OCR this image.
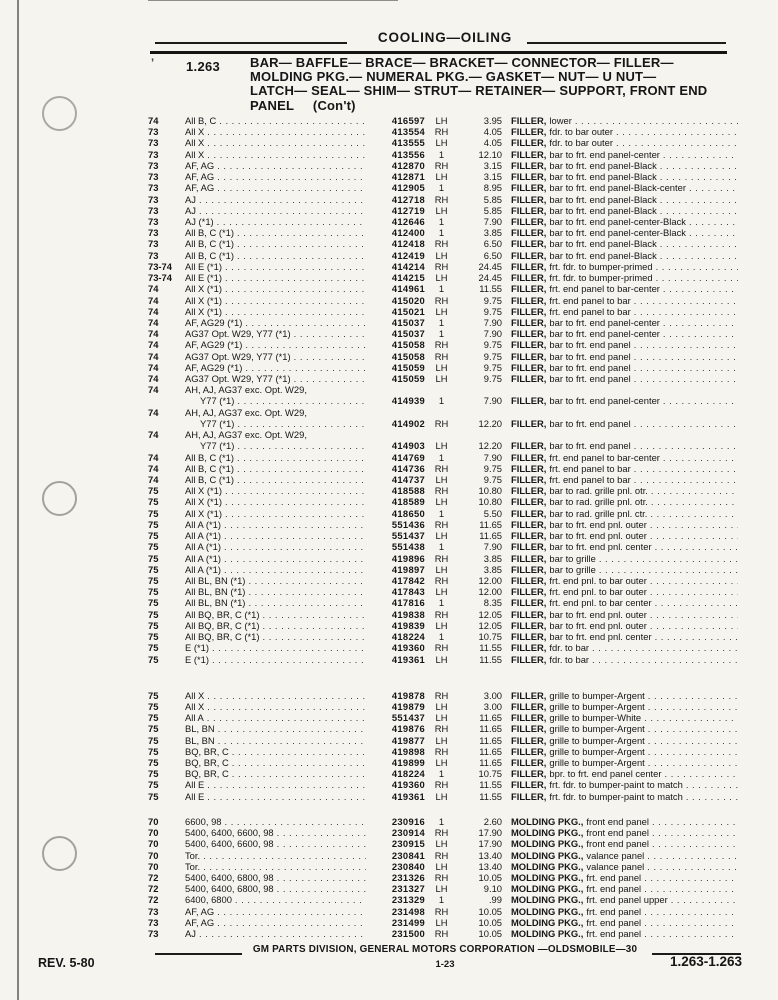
’
COOLING—OILING
1.263 BAR— BAFFLE— BRACE— BRACKET— CONNECTOR— FILLER—
MOLDING PKG.— NUMERAL PKG.— GASKET— NUT— U NUT—
LATCH— SEAL— SHIM— STRUT— RETAINER— SUPPORT, FRONT END
PANEL     (Con't)
74	All B, C . . .	416597	LH	3.95 FILLER, lower
. . .
73	All X . . .	413554	RH	4.05 FILLER, fdr. to bar outer
. . .
73	All X . . .	413555	LH	4.05 FILLER, fdr. to bar outer
. . .
73	All X . . .	413556	1	12.10 FILLER, bar to frt. end panel-center
. . .
73	AF, AG . . .	412870	RH	3.15 FILLER, bar to frt. end panel-Black
. . .
73	AF, AG . . .	412871	LH	3.15 FILLER, bar to frt. end panel-Black
. . .
73	AF, AG . . .	412905	1	8.95 FILLER, bar to frt. end panel-Black-center
. . .
73	AJ . . .	412718	RH	5.85 FILLER, bar to frt. end panel-Black
. . .
73	AJ . . .	412719	LH	5.85 FILLER, bar to frt. end panel-Black
. . .
73	AJ (*1) . . .	412646	1	7.90 FILLER, bar to frt. end panel-center-Black
. . .
73	All B, C (*1) . . .	412400	1	3.85 FILLER, bar to frt. end panel-center-Black
. . .
73	All B, C (*1) . . .	412418	RH	6.50 FILLER, bar to frt. end panel-Black
. . .
73	All B, C (*1) . . .	412419	LH	6.50 FILLER, bar to frt. end panel-Black
. . .
73-74	All E (*1) . . .	414214	RH	24.45 FILLER, frt. fdr. to bumper-primed
. . .
73-74	All E (*1) . . .	414215	LH	24.45 FILLER, frt. fdr. to bumper-primed
. . .
74	All X (*1) . . .	414961	1	11.55 FILLER, frt. end panel to bar-center
. . .
74	All X (*1) . . .	415020	RH	9.75 FILLER, frt. end panel to bar
. . .
74	All X (*1) . . .	415021	LH	9.75 FILLER, frt. end panel to bar
. . .
74	AF, AG29 (*1) . . .	415037	1	7.90 FILLER, bar to frt. end panel-center
. . .
74	AG37 Opt. W29, Y77 (*1) . . .	415037	1	7.90 FILLER, bar to frt. end panel-center
. . .
74	AF, AG29 (*1) . . .	415058	RH	9.75 FILLER, bar to frt. end panel
. . .
74	AG37 Opt. W29, Y77 (*1) . . .	415058	RH	9.75 FILLER, bar to frt. end panel
. . .
74	AF, AG29 (*1) . . .	415059	LH	9.75 FILLER, bar to frt. end panel
. . .
74	AG37 Opt. W29, Y77 (*1) . . .	415059	LH	9.75 FILLER, bar to frt. end panel
. . .
74	AH, AJ, AG37 exc. Opt. W29,
Y77 (*1) . . .	414939	1	7.90 FILLER, bar to frt. end panel-center
. . .
74	AH, AJ, AG37 exc. Opt. W29,
Y77 (*1) . . .	414902	RH	12.20 FILLER, bar to frt. end panel
. . .
74	AH, AJ, AG37 exc. Opt. W29,
Y77 (*1) . . .	414903	LH	12.20 FILLER, bar to frt. end panel
. . .
74	All B, C (*1) . . .	414769	1	7.90 FILLER, frt. end panel to bar-center
. . .
74	All B, C (*1) . . .	414736	RH	9.75 FILLER, frt. end panel to bar
. . .
74	All B, C (*1) . . .	414737	LH	9.75 FILLER, frt. end panel to bar
. . .
75	All X (*1) . . .	418588	RH	10.80 FILLER, bar to rad. grille pnl. otr.
. . .
75	All X (*1) . . .	418589	LH	10.80 FILLER, bar to rad. grille pnl. otr.
. . .
75	All X (*1) . . .	418650	1	5.50 FILLER, bar to rad. grille pnl. ctr.
. . .
75	All A (*1) . . .	551436	RH	11.65 FILLER, bar to frt. end pnl. outer
. . .
75	All A (*1) . . .	551437	LH	11.65 FILLER, bar to frt. end pnl. outer
. . .
75	All A (*1) . . .	551438	1	7.90 FILLER, bar to frt. end pnl. center
. . .
75	All A (*1) . . .	419896	RH	3.85 FILLER, bar to grille
. . .
75	All A (*1) . . .	419897	LH	3.85 FILLER, bar to grille
. . .
75	All BL, BN (*1) . . .	417842	RH	12.00 FILLER, frt. end pnl. to bar outer
. . .
75	All BL, BN (*1) . . .	417843	LH	12.00 FILLER, frt. end pnl. to bar outer
. . .
75	All BL, BN (*1) . . .	417816	1	8.35 FILLER, frt. end pnl. to bar center
. . .
75	All BQ, BR, C (*1) . . .	419838	RH	12.05 FILLER, bar to frt. end pnl. outer
. . .
75	All BQ, BR, C (*1) . . .	419839	LH	12.05 FILLER, bar to frt. end pnl. outer
. . .
75	All BQ, BR, C (*1) . . .	418224	1	10.75 FILLER, bar to frt. end pnl. center
. . .
75	E (*1) . . .	419360	RH	11.55 FILLER, fdr. to bar
. . .
75	E (*1) . . .	419361	LH	11.55 FILLER, fdr. to bar
. . .
75	All X . . .	419878	RH	3.00 FILLER, grille to bumper-Argent
. . .
75	All X . . .	419879	LH	3.00 FILLER, grille to bumper-Argent
. . .
75	All A . . .	551437	LH	11.65 FILLER, grille to bumper-White
. . .
75	BL, BN . . .	419876	RH	11.65 FILLER, grille to bumper-Argent
. . .
75	BL, BN . . .	419877	LH	11.65 FILLER, grille to bumper-Argent
. . .
75	BQ, BR, C . . .	419898	RH	11.65 FILLER, grille to bumper-Argent
. . .
75	BQ, BR, C . . .	419899	LH	11.65 FILLER, grille to bumper-Argent
. . .
75	BQ, BR, C . . .	418224	1	10.75 FILLER, bpr. to frt. end panel center
. . .
75	All E . . .	419360	RH	11.55 FILLER, frt. fdr. to bumper-paint to match
. . .
75	All E . . .	419361	LH	11.55 FILLER, frt. fdr. to bumper-paint to match
. . .
70	6600, 98 . . .	230916	1	2.60 MOLDING PKG., front end panel
. . .
70	5400, 6400, 6600, 98 . . .	230914	RH	17.90 MOLDING PKG., front end panel
. . .
70	5400, 6400, 6600, 98 . . .	230915	LH	17.90 MOLDING PKG., front end panel
. . .
70	Tor. . . .	230841	RH	13.40 MOLDING PKG., valance panel
. . .
70	Tor. . . .	230840	LH	13.40 MOLDING PKG., valance panel
. . .
72	5400, 6400, 6800, 98 . . .	231326	RH	10.05 MOLDING PKG., frt. end panel
. . .
72	5400, 6400, 6800, 98 . . .	231327	LH	9.10 MOLDING PKG., frt. end panel
. . .
72	6400, 6800 . . .	231329	1	.99 MOLDING PKG., frt. end panel upper
. . .
73	AF, AG . . .	231498	RH	10.05 MOLDING PKG., frt. end panel
. . .
73	AF, AG . . .	231499	LH	10.05 MOLDING PKG., frt. end panel
. . .
73	AJ . . .	231500	RH	10.05 MOLDING PKG., frt. end panel
. . .
GM PARTS DIVISION, GENERAL MOTORS CORPORATION —OLDSMOBILE—30
REV. 5-80	1-23	1.263-1.263
